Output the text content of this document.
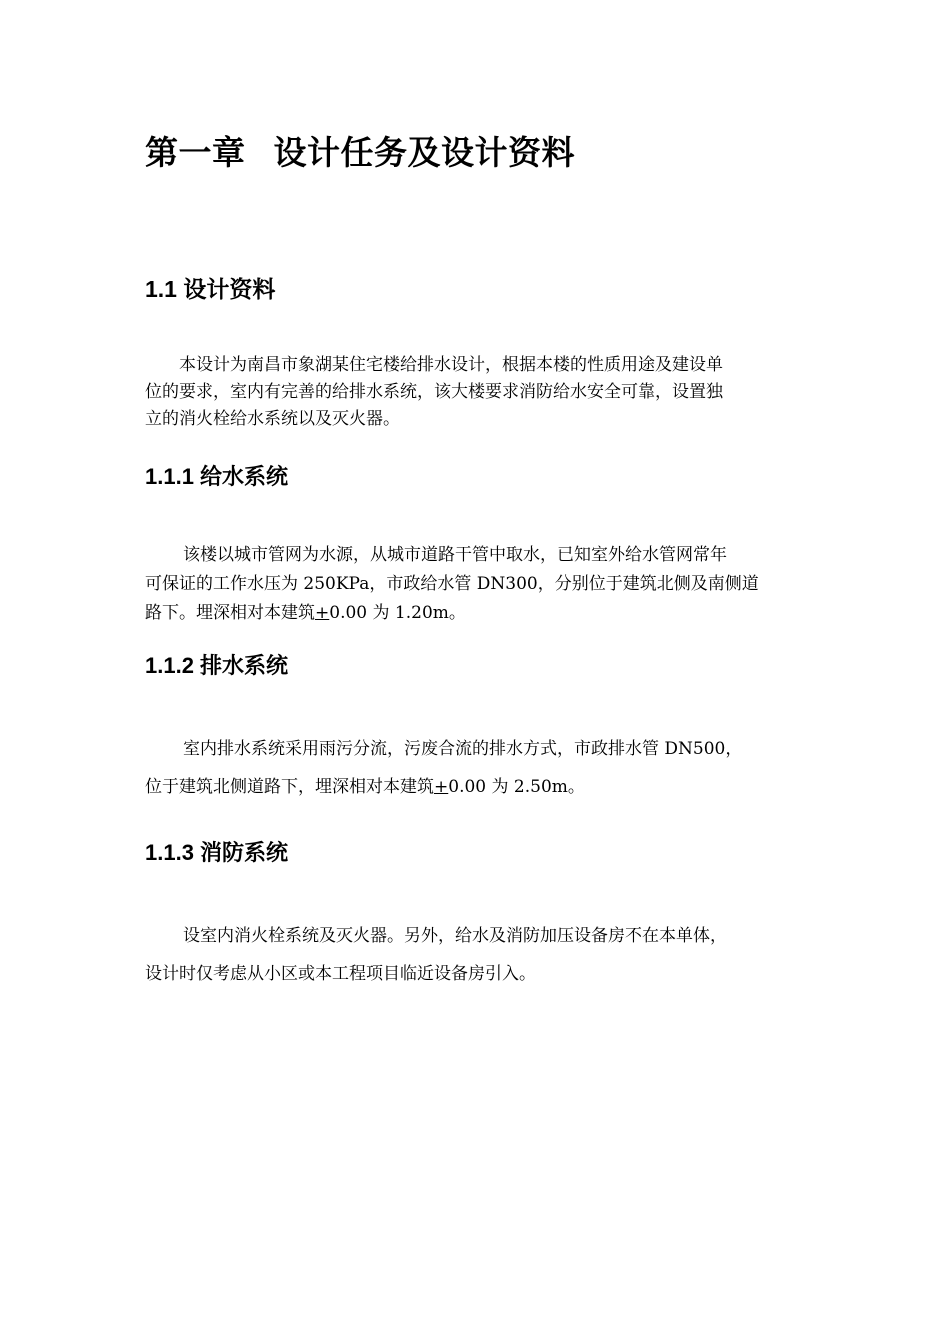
第一章 设计任务及设计资料
1.1 设计资料

本设计为南昌市象湖某住宅楼给排水设计，根据本楼的性质用途及建设单
位的要求，室内有完善的给排水系统，该大楼要求消防给水安全可靠，设置独
立的消火栓给水系统以及灭火器。

1.1.1 给水系统

该楼以城市管网为水源，从城市道路干管中取水，已知室外给水管网常年
可保证的工作水压为 250KPa，市政给水管 DN300，分别位于建筑北侧及南侧道
路下。埋深相对本建筑+0.00 为 1.20m。

1.1.2 排水系统

室内排水系统采用雨污分流，污废合流的排水方式，市政排水管 DN500，
位于建筑北侧道路下，埋深相对本建筑+0.00 为 2.50m。

1.1.3 消防系统

设室内消火栓系统及灭火器。另外，给水及消防加压设备房不在本单体，
设计时仅考虑从小区或本工程项目临近设备房引入。
